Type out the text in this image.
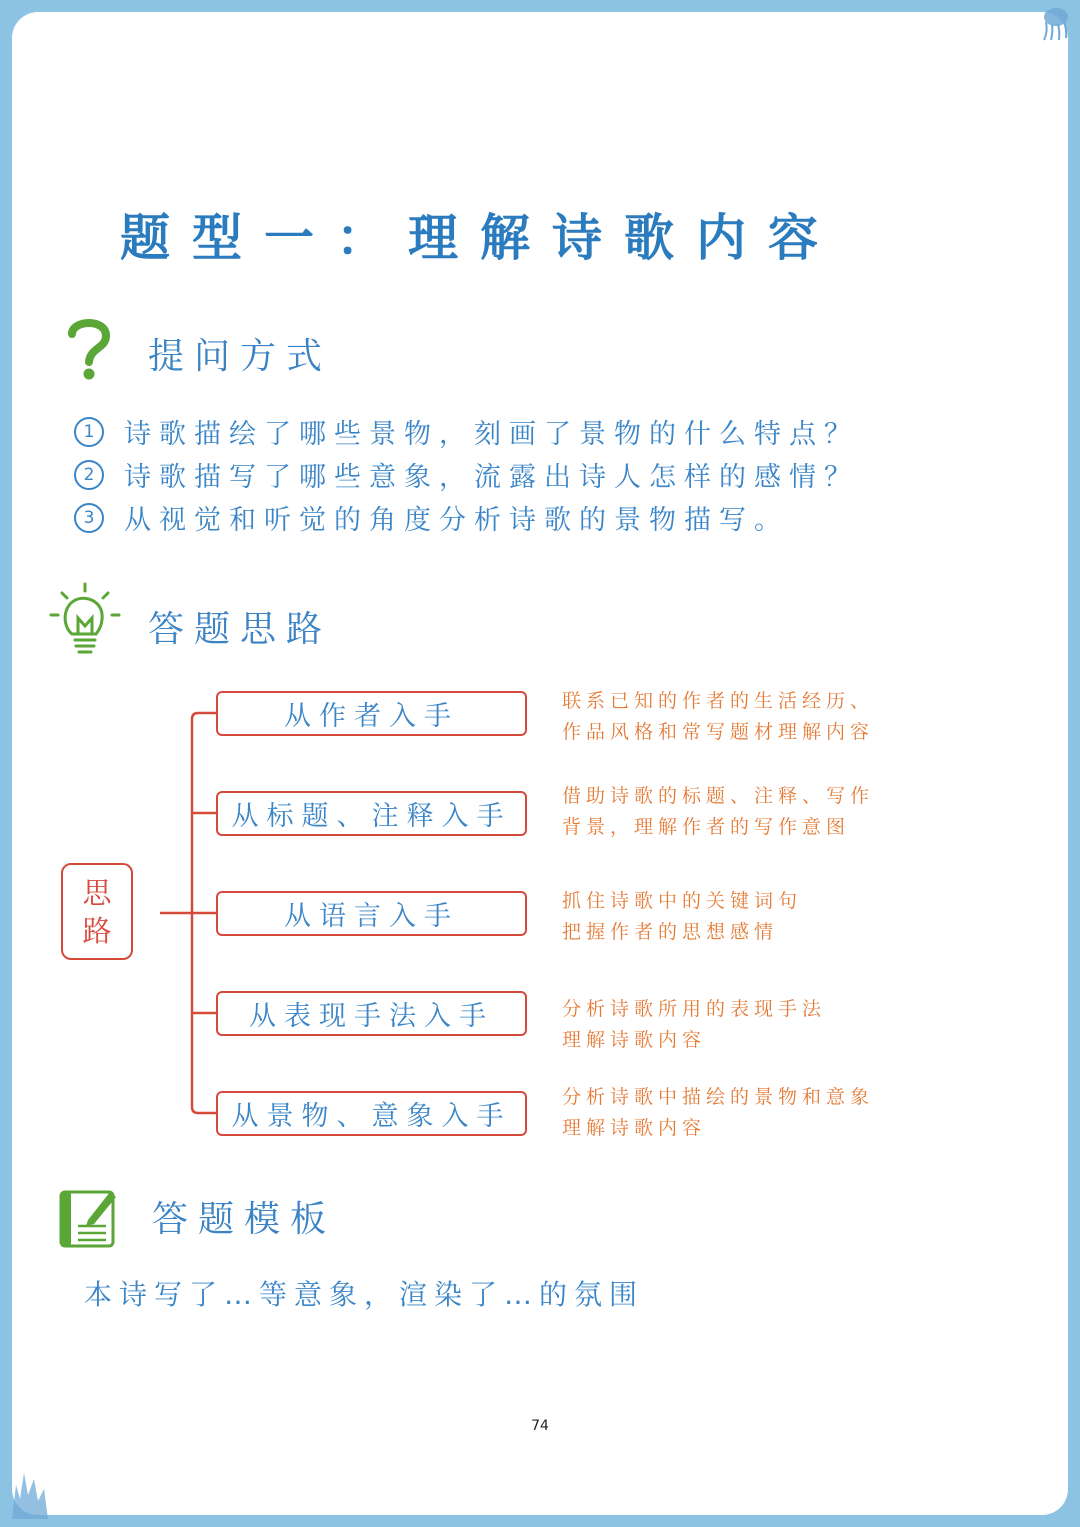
题型一：理解诗歌内容
提问方式
1	诗歌描绘了哪些景物，刻画了景物的什么特点？
2	诗歌描写了哪些意象，流露出诗人怎样的感情？
3	从视觉和听觉的角度分析诗歌的景物描写。
答题思路
思路
从作者入手
从标题、注释入手
从语言入手
从表现手法入手
从景物、意象入手
联系已知的作者的生活经历、
作品风格和常写题材理解内容
借助诗歌的标题、注释、写作
背景，理解作者的写作意图
抓住诗歌中的关键词句
把握作者的思想感情
分析诗歌所用的表现手法
理解诗歌内容
分析诗歌中描绘的景物和意象
理解诗歌内容
答题模板
本诗写了…等意象，渲染了…的氛围
74
